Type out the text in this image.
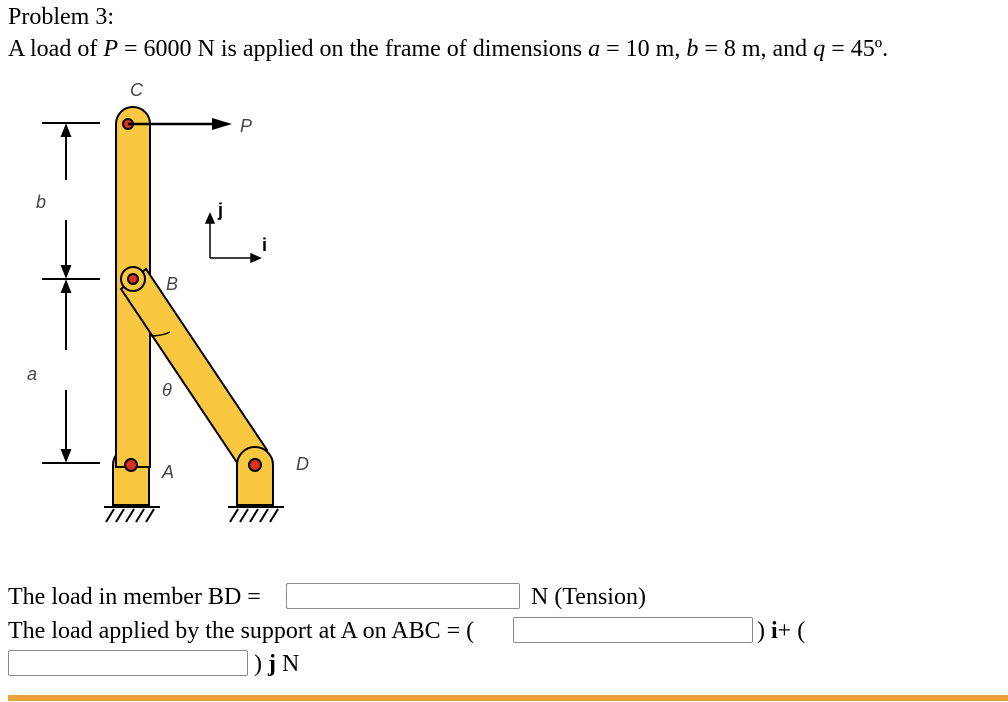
Problem 3:
A load of P = 6000 N is applied on the frame of dimensions a = 10 m, b = 8 m, and q = 45º.
C
P
b	j
i
B
a
θ
A	D
The load in member BD =	N (Tension)
The load applied by the support at A on ABC = (	) i+ (
) j N
